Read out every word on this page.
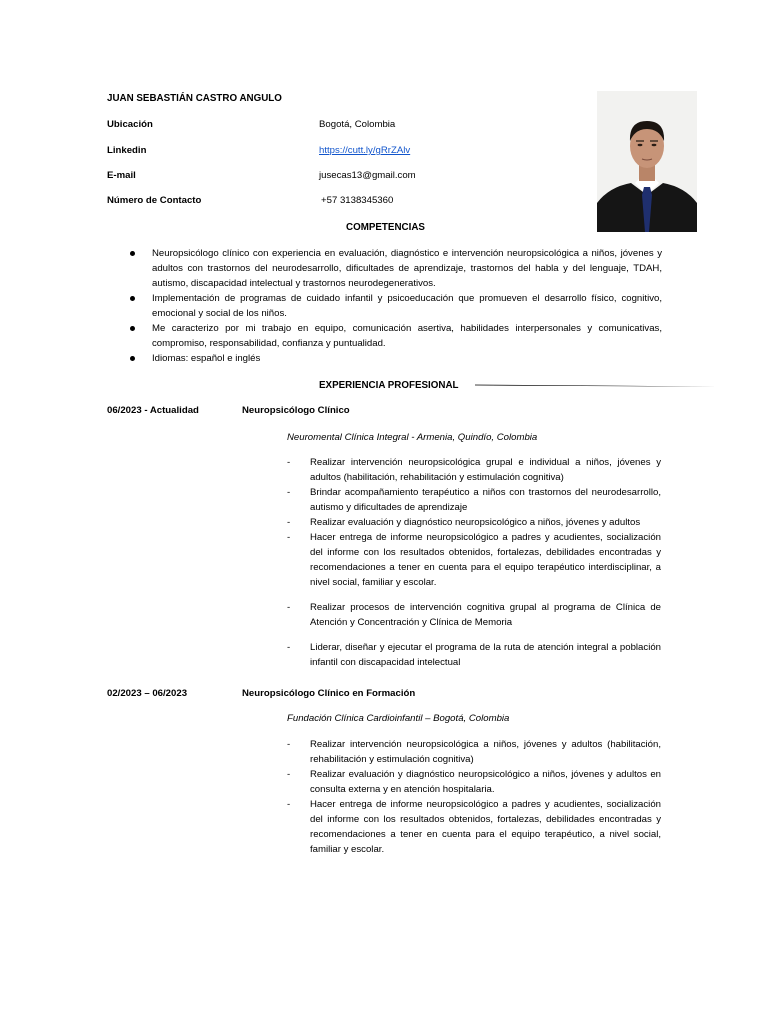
JUAN SEBASTIÁN CASTRO ANGULO
Ubicación	Bogotá, Colombia
Linkedin	https://cutt.ly/gRrZAlv
E-mail	jusecas13@gmail.com
Número de Contacto	+57 3138345360
COMPETENCIAS
Neuropsicólogo clínico con experiencia en evaluación, diagnóstico e intervención neuropsicológica a niños, jóvenes y adultos con trastornos del neurodesarrollo, dificultades de aprendizaje, trastornos del habla y del lenguaje, TDAH, autismo, discapacidad intelectual y trastornos neurodegenerativos.
Implementación de programas de cuidado infantil y psicoeducación que promueven el desarrollo físico, cognitivo, emocional y social de los niños.
Me caracterizo por mi trabajo en equipo, comunicación asertiva, habilidades interpersonales y comunicativas, compromiso, responsabilidad, confianza y puntualidad.
Idiomas: español e inglés
EXPERIENCIA PROFESIONAL
06/2023 - Actualidad	Neuropsicólogo Clínico
Neuromental Clínica Integral - Armenia, Quindío, Colombia
- Realizar intervención neuropsicológica grupal e individual a niños, jóvenes y adultos (habilitación, rehabilitación y estimulación cognitiva)
- Brindar acompañamiento terapéutico a niños con trastornos del neurodesarrollo, autismo y dificultades de aprendizaje
- Realizar evaluación y diagnóstico neuropsicológico a niños, jóvenes y adultos
- Hacer entrega de informe neuropsicológico a padres y acudientes, socialización del informe con los resultados obtenidos, fortalezas, debilidades encontradas y recomendaciones a tener en cuenta para el equipo terapéutico interdisciplinar, a nivel social, familiar y escolar.
- Realizar procesos de intervención cognitiva grupal al programa de Clínica de Atención y Concentración y Clínica de Memoria
- Liderar, diseñar y ejecutar el programa de la ruta de atención integral a población infantil con discapacidad intelectual
02/2023 – 06/2023	Neuropsicólogo Clínico en Formación
Fundación Clínica Cardioinfantil – Bogotá, Colombia
- Realizar intervención neuropsicológica a niños, jóvenes y adultos (habilitación, rehabilitación y estimulación cognitiva)
- Realizar evaluación y diagnóstico neuropsicológico a niños, jóvenes y adultos en consulta externa y en atención hospitalaria.
- Hacer entrega de informe neuropsicológico a padres y acudientes, socialización del informe con los resultados obtenidos, fortalezas, debilidades encontradas y recomendaciones a tener en cuenta para el equipo terapéutico, a nivel social, familiar y escolar.
